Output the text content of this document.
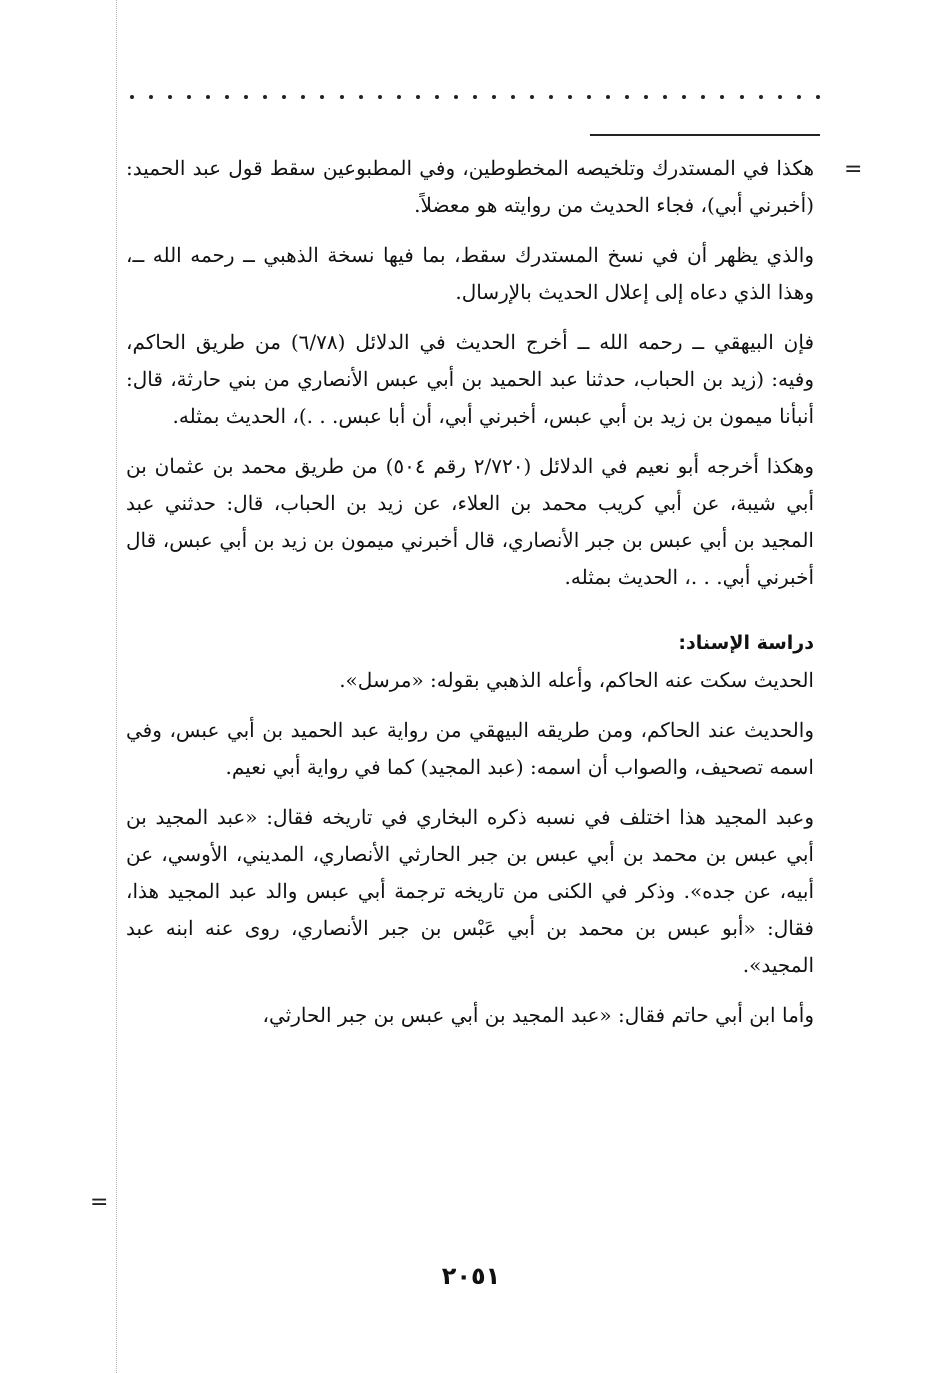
=
=

هكذا في المستدرك وتلخيصه المخطوطين، وفي المطبوعين سقط قول عبد الحميد: (أخبرني أبي)، فجاء الحديث من روايته هو معضلاً.

والذي يظهر أن في نسخ المستدرك سقط، بما فيها نسخة الذهبي ــ رحمه الله ــ، وهذا الذي دعاه إلى إعلال الحديث بالإرسال.

فإن البيهقي ــ رحمه الله ــ أخرج الحديث في الدلائل (٦/٧٨) من طريق الحاكم، وفيه: (زيد بن الحباب، حدثنا عبد الحميد بن أبي عبس الأنصاري من بني حارثة، قال: أنبأنا ميمون بن زيد بن أبي عبس، أخبرني أبي، أن أبا عبس. . .)، الحديث بمثله.

وهكذا أخرجه أبو نعيم في الدلائل (٢/٧٢٠ رقم ٥٠٤) من طريق محمد بن عثمان بن أبي شيبة، عن أبي كريب محمد بن العلاء، عن زيد بن الحباب، قال: حدثني عبد المجيد بن أبي عبس بن جبر الأنصاري، قال أخبرني ميمون بن زيد بن أبي عبس، قال أخبرني أبي. . .، الحديث بمثله.

دراسة الإسناد:

الحديث سكت عنه الحاكم، وأعله الذهبي بقوله: «مرسل».

والحديث عند الحاكم، ومن طريقه البيهقي من رواية عبد الحميد بن أبي عبس، وفي اسمه تصحيف، والصواب أن اسمه: (عبد المجيد) كما في رواية أبي نعيم.

وعبد المجيد هذا اختلف في نسبه ذكره البخاري في تاريخه فقال: «عبد المجيد بن أبي عبس بن محمد بن أبي عبس بن جبر الحارثي الأنصاري، المديني، الأوسي، عن أبيه، عن جده». وذكر في الكنى من تاريخه ترجمة أبي عبس والد عبد المجيد هذا، فقال: «أبو عبس بن محمد بن أبي عَبْس بن جبر الأنصاري، روى عنه ابنه عبد المجيد».

وأما ابن أبي حاتم فقال: «عبد المجيد بن أبي عبس بن جبر الحارثي،

٢٠٥١
